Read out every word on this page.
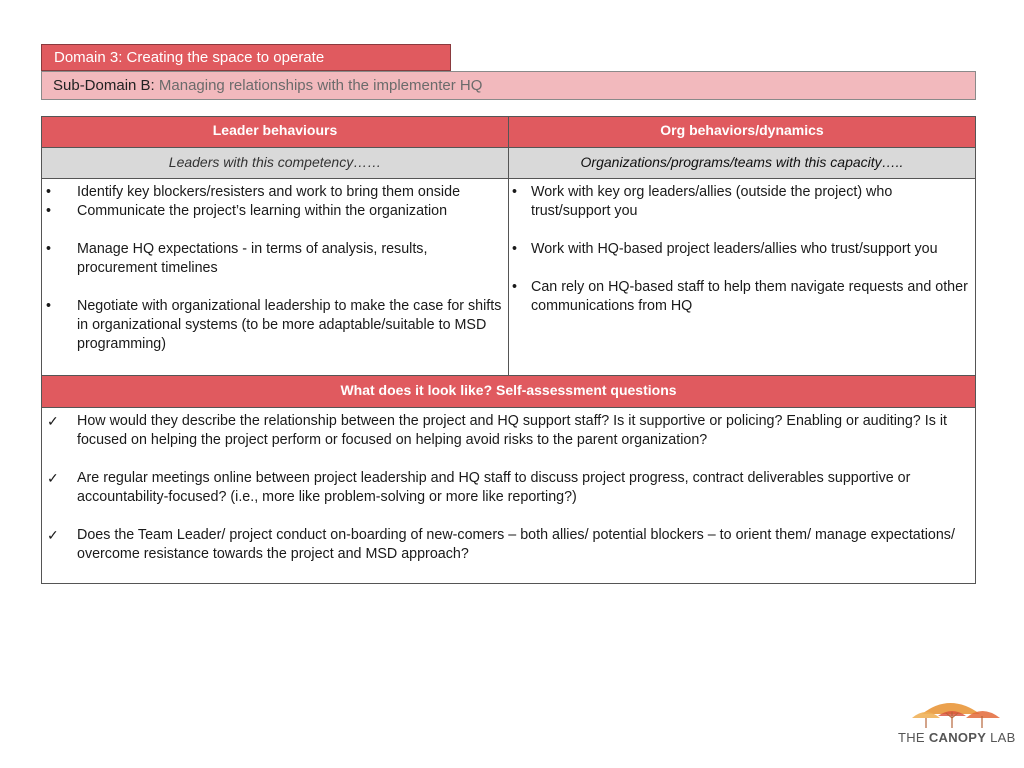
Domain 3: Creating the space to operate
Sub-Domain B: Managing relationships with the implementer HQ
Leader behaviours	Org behaviors/dynamics
Leaders with this competency……	Organizations/programs/teams with this capacity…..
• Identify key blockers/resisters and work to bring them onside
• Communicate the project’s learning within the organization
• Manage HQ expectations - in terms of analysis, results, procurement timelines
• Negotiate with organizational leadership to make the case for shifts in organizational systems (to be more adaptable/suitable to MSD programming)
• Work with key org leaders/allies (outside the project) who trust/support you
• Work with HQ-based project leaders/allies who trust/support you
• Can rely on HQ-based staff to help them navigate requests and other communications from HQ
What does it look like? Self-assessment questions
✓ How would they describe the relationship between the project and HQ support staff? Is it supportive or policing? Enabling or auditing? Is it focused on helping the project perform or focused on helping avoid risks to the parent organization?
✓ Are regular meetings online between project leadership and HQ staff to discuss project progress, contract deliverables supportive or accountability-focused? (i.e., more like problem-solving or more like reporting?)
✓ Does the Team Leader/ project conduct on-boarding of new-comers – both allies/ potential blockers – to orient them/ manage expectations/ overcome resistance towards the project and MSD approach?
THE CANOPY LAB
